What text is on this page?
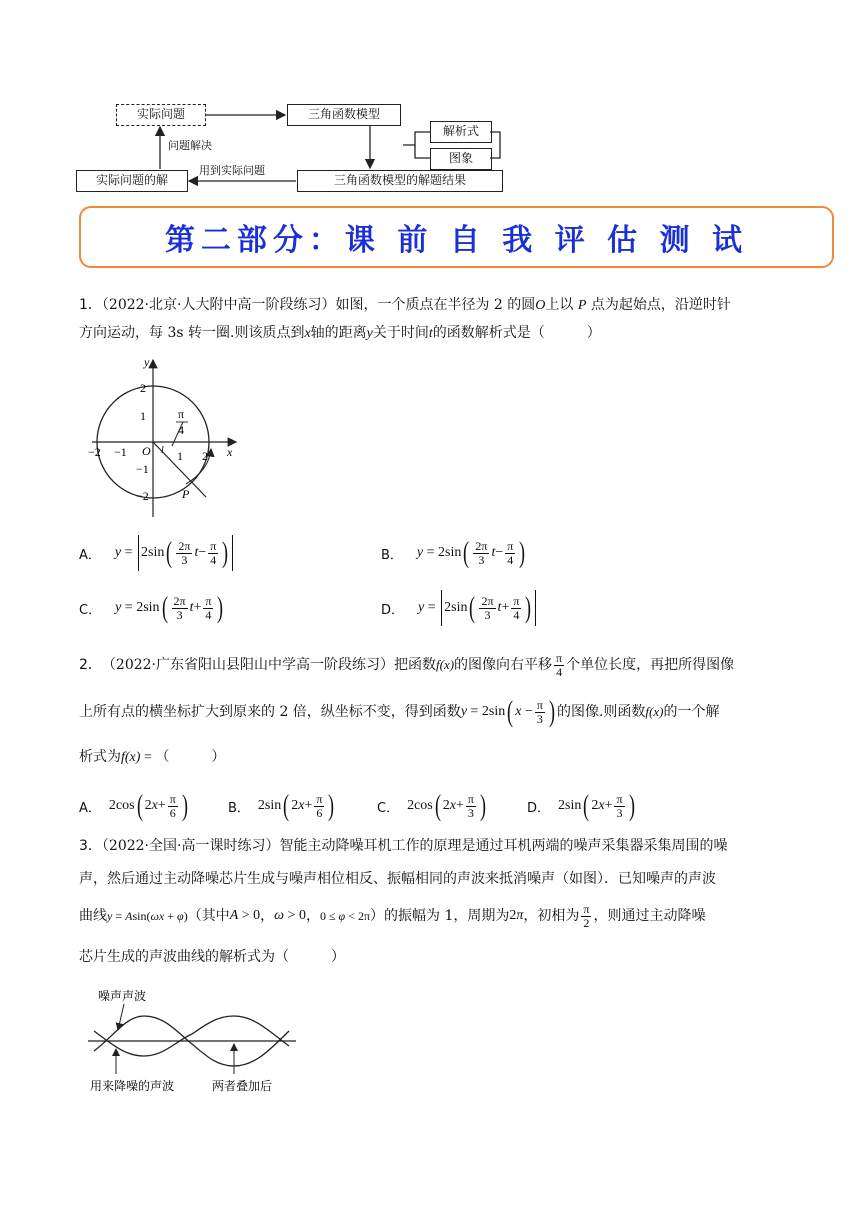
实际问题	三角函数模型
解析式
图象
实际问题的解	三角函数模型的解题结果
问题解决
用到实际问题
第二部分：课 前 自 我 评 估 测 试
1．（2022·北京·人大附中高一阶段练习）如图，一个质点在半径为 2 的圆O上以 P 点为起始点，沿逆时针
方向运动，每 3s 转一圈.则该质点到x轴的距离y关于时间t的函数解析式是（　　　）
y
x
O
P
2
1
−1
−2
−2 −1	1 2
π
4
l
A． y = 2sin ( $\frac{2\pi}{3}$ $t - \frac{\pi}{4}$ )	B． y = 2sin ( $\frac{2\pi}{3}$ $t - \frac{\pi}{4}$ )
C． y = 2sin ( $\frac{2\pi}{3}$ $t + \frac{\pi}{4}$ )	D． y = 2sin ( $\frac{2\pi}{3}$ $t + \frac{\pi}{4}$ )
2． （2022·广东省阳山县阳山中学高一阶段练习） 把函数 f(x) 的图像向右平移 $\frac{\pi}{4}$ 个单位长度，再把所得图像
上所有点的横坐标扩大到原来的 2 倍，纵坐标不变，得到函数 y = 2sin ( $x - \frac{\pi}{3}$ ) 的图像.则函数 f(x) 的一个解
析式为f(x) = （　　　）
A． 2cos ( 2 $x + \frac{\pi}{6}$ )	B． 2sin ( 2 $x + \frac{\pi}{6}$ )	C． 2cos ( 2 $x + \frac{\pi}{3}$ )	D． 2sin ( 2 $x + \frac{\pi}{3}$ )
3．（2022·全国·高一课时练习）智能主动降噪耳机工作的原理是通过耳机两端的噪声采集器采集周围的噪
声，然后通过主动降噪芯片生成与噪声相位相反、振幅相同的声波来抵消噪声（如图）．已知噪声的声波
曲线 y = A sin( ωx + φ ) （其中 A > 0 ， ω > 0 ， 0 ≤ φ < 2π ）的振幅为 1，周期为 2 π ，初相为 $\frac{\pi}{2}$ ，则通过主动降噪
芯片生成的声波曲线的解析式为（　　　）
噪声声波
用来降噪的声波	两者叠加后
